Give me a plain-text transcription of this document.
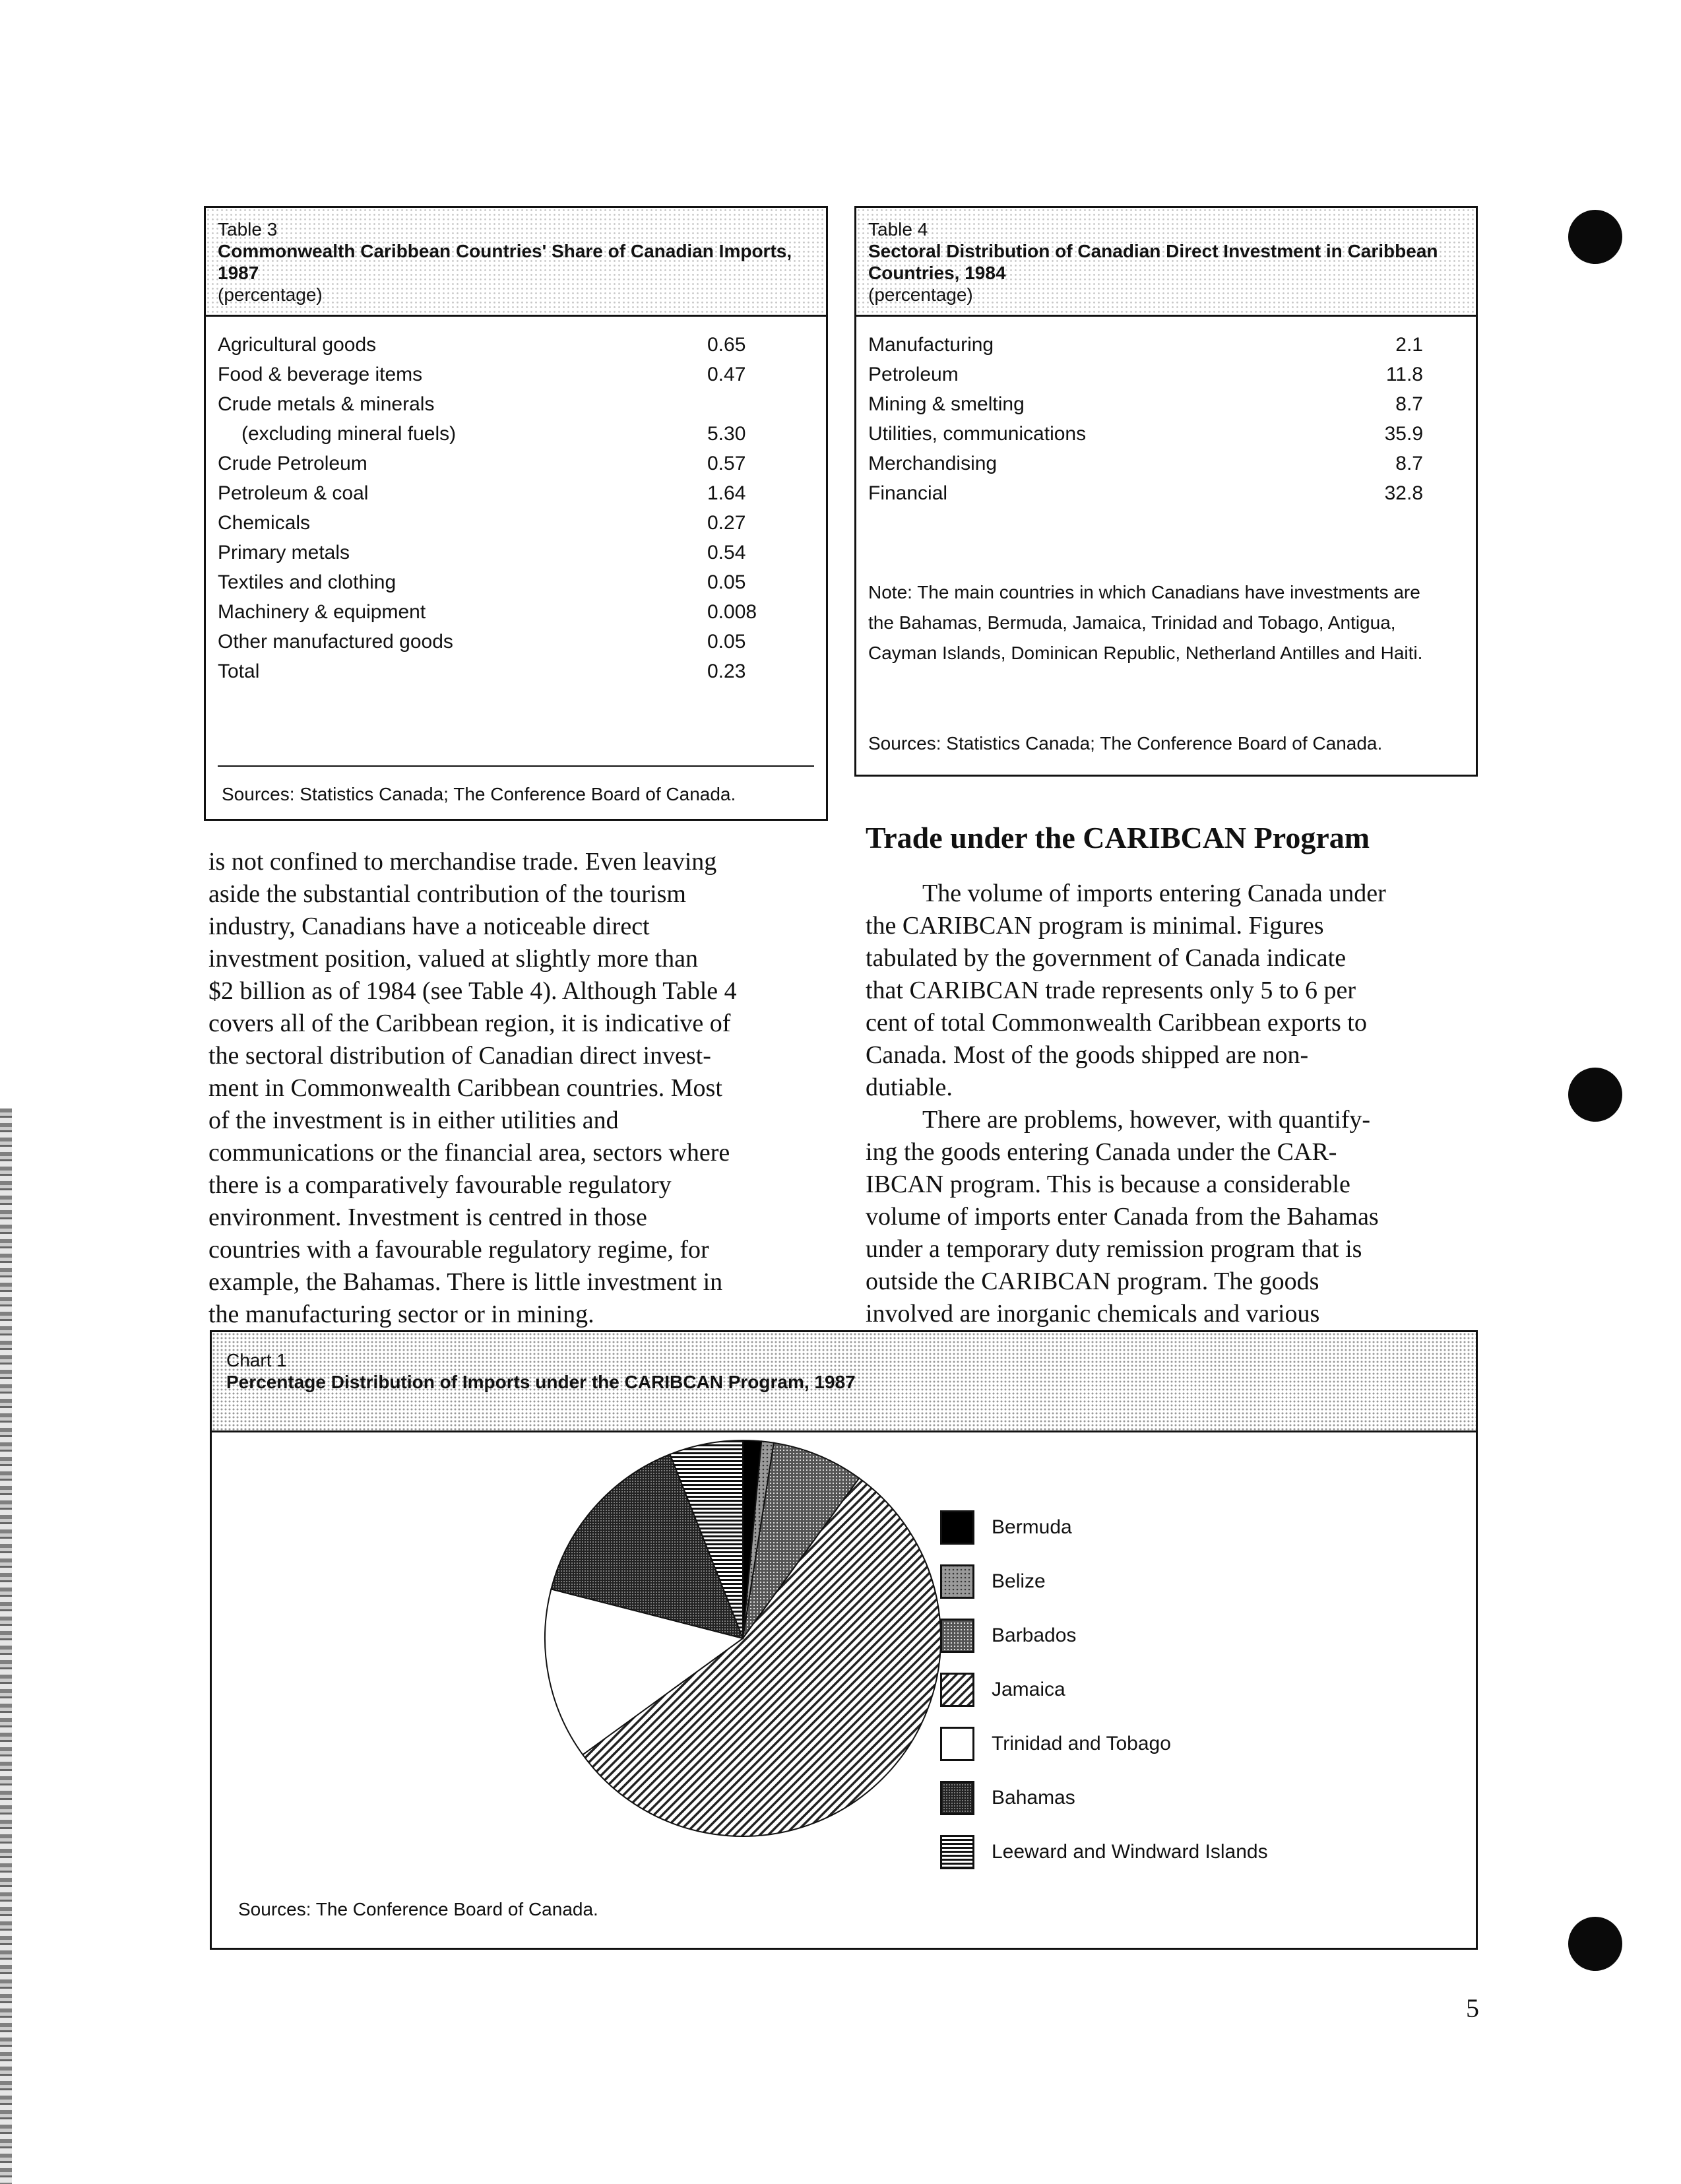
Table 3
Commonwealth Caribbean Countries' Share of Canadian Imports, 1987
(percentage)
Agricultural goods	0.65
Food & beverage items	0.47
Crude metals & minerals
(excluding mineral fuels)	5.30
Crude Petroleum	0.57
Petroleum & coal	1.64
Chemicals	0.27
Primary metals	0.54
Textiles and clothing	0.05
Machinery & equipment	0.008
Other manufactured goods	0.05
Total	0.23
Sources: Statistics Canada; The Conference Board of Canada.
Table 4
Sectoral Distribution of Canadian Direct Investment in Caribbean Countries, 1984
(percentage)
Manufacturing	2.1
Petroleum	11.8
Mining & smelting	8.7
Utilities, communications	35.9
Merchandising	8.7
Financial	32.8
Note: The main countries in which Canadians have investments are the Bahamas, Bermuda, Jamaica, Trinidad and Tobago, Antigua, Cayman Islands, Dominican Republic, Netherland Antilles and Haiti.
Sources: Statistics Canada; The Conference Board of Canada.
is not confined to merchandise trade. Even leaving
aside the substantial contribution of the tourism
industry, Canadians have a noticeable direct
investment position, valued at slightly more than
$2 billion as of 1984 (see Table 4). Although Table 4
covers all of the Caribbean region, it is indicative of
the sectoral distribution of Canadian direct invest-
ment in Commonwealth Caribbean countries. Most
of the investment is in either utilities and
communications or the financial area, sectors where
there is a comparatively favourable regulatory
environment. Investment is centred in those
countries with a favourable regulatory regime, for
example, the Bahamas. There is little investment in
the manufacturing sector or in mining.
Trade under the CARIBCAN Program
The volume of imports entering Canada under
the CARIBCAN program is minimal. Figures
tabulated by the government of Canada indicate
that CARIBCAN trade represents only 5 to 6 per
cent of total Commonwealth Caribbean exports to
Canada. Most of the goods shipped are non-
dutiable.
There are problems, however, with quantify-
ing the goods entering Canada under the CAR-
IBCAN program. This is because a considerable
volume of imports enter Canada from the Bahamas
under a temporary duty remission program that is
outside the CARIBCAN program. The goods
involved are inorganic chemicals and various
Chart 1
Percentage Distribution of Imports under the CARIBCAN Program, 1987
Bermuda
Belize
Barbados
Jamaica
Trinidad and Tobago
Bahamas
Leeward and Windward Islands
Sources: The Conference Board of Canada.
5
